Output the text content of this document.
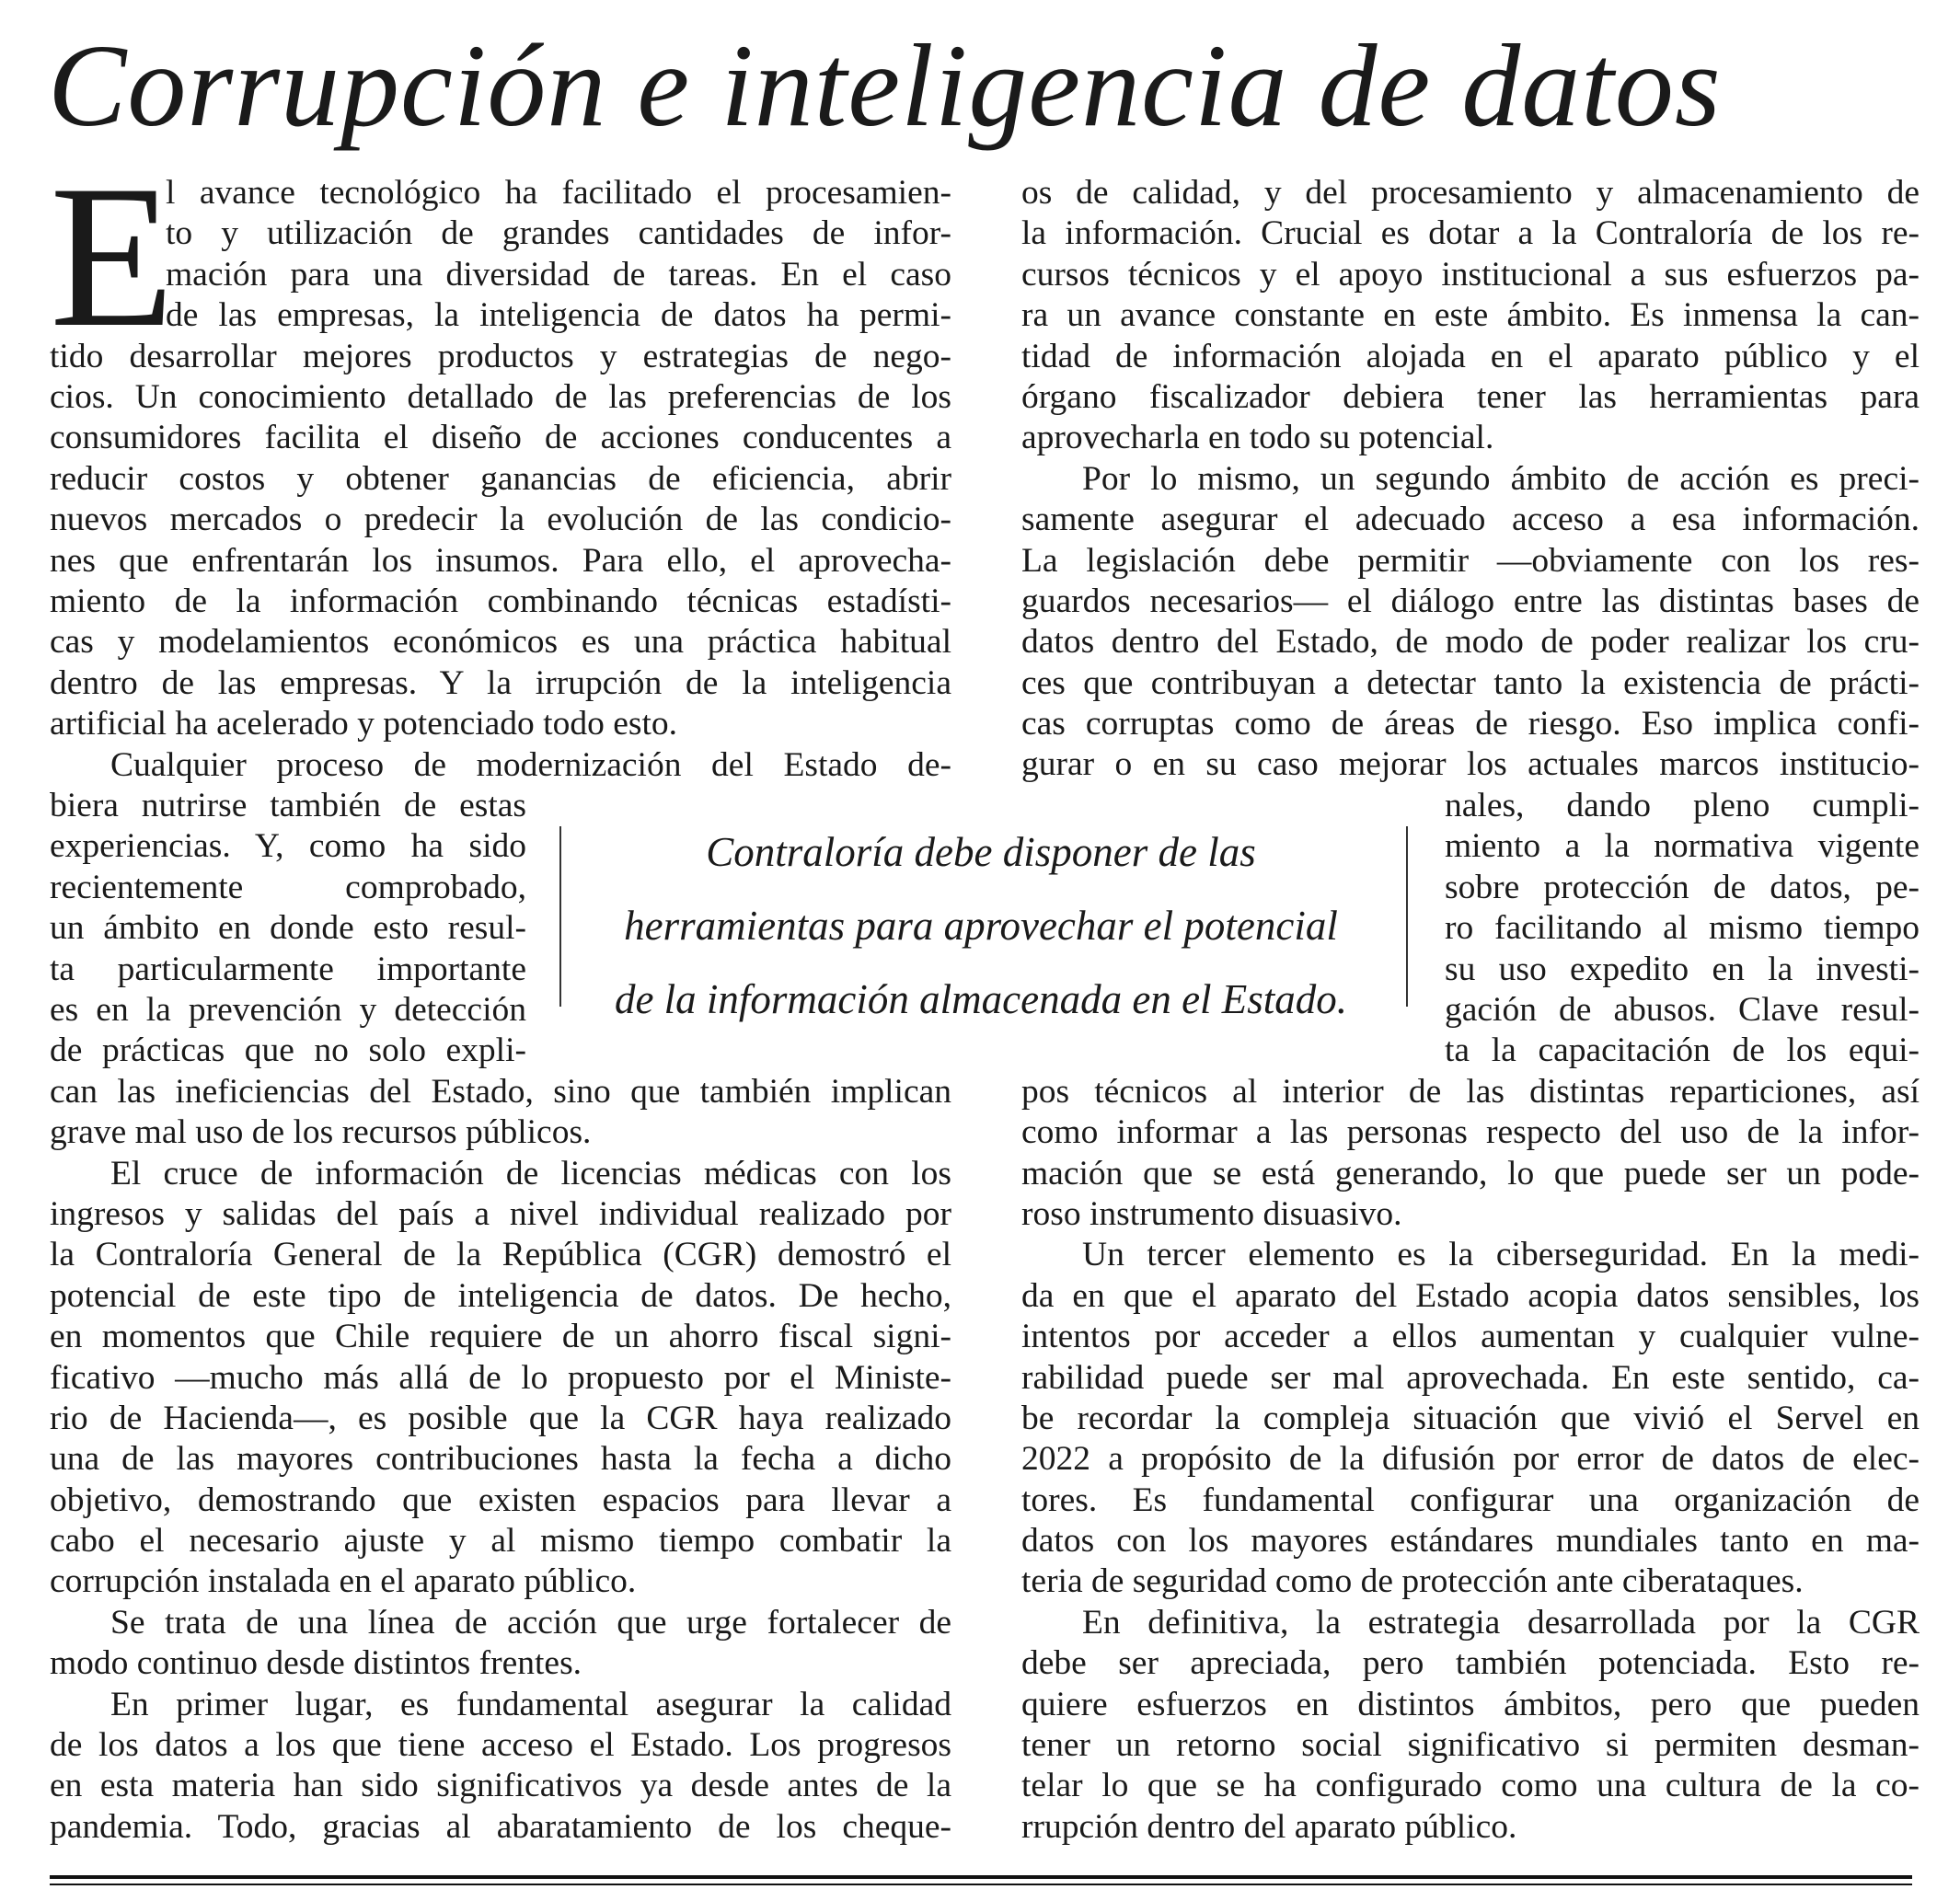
Corrupción e inteligencia de datos
E
l avance tecnológico ha facilitado el procesamien-
to y utilización de grandes cantidades de infor-
mación para una diversidad de tareas. En el caso
de las empresas, la inteligencia de datos ha permi-
tido desarrollar mejores productos y estrategias de nego-
cios. Un conocimiento detallado de las preferencias de los
consumidores facilita el diseño de acciones conducentes a
reducir costos y obtener ganancias de eficiencia, abrir
nuevos mercados o predecir la evolución de las condicio-
nes que enfrentarán los insumos. Para ello, el aprovecha-
miento de la información combinando técnicas estadísti-
cas y modelamientos económicos es una práctica habitual
dentro de las empresas. Y la irrupción de la inteligencia
artificial ha acelerado y potenciado todo esto.
Cualquier proceso de modernización del Estado de-
biera nutrirse también de estas
experiencias. Y, como ha sido
recientemente comprobado,
un ámbito en donde esto resul-
ta particularmente importante
es en la prevención y detección
de prácticas que no solo expli-
can las ineficiencias del Estado, sino que también implican
grave mal uso de los recursos públicos.
El cruce de información de licencias médicas con los
ingresos y salidas del país a nivel individual realizado por
la Contraloría General de la República (CGR) demostró el
potencial de este tipo de inteligencia de datos. De hecho,
en momentos que Chile requiere de un ahorro fiscal signi-
ficativo —mucho más allá de lo propuesto por el Ministe-
rio de Hacienda—, es posible que la CGR haya realizado
una de las mayores contribuciones hasta la fecha a dicho
objetivo, demostrando que existen espacios para llevar a
cabo el necesario ajuste y al mismo tiempo combatir la
corrupción instalada en el aparato público.
Se trata de una línea de acción que urge fortalecer de
modo continuo desde distintos frentes.
En primer lugar, es fundamental asegurar la calidad
de los datos a los que tiene acceso el Estado. Los progresos
en esta materia han sido significativos ya desde antes de la
pandemia. Todo, gracias al abaratamiento de los cheque-
os de calidad, y del procesamiento y almacenamiento de
la información. Crucial es dotar a la Contraloría de los re-
cursos técnicos y el apoyo institucional a sus esfuerzos pa-
ra un avance constante en este ámbito. Es inmensa la can-
tidad de información alojada en el aparato público y el
órgano fiscalizador debiera tener las herramientas para
aprovecharla en todo su potencial.
Por lo mismo, un segundo ámbito de acción es preci-
samente asegurar el adecuado acceso a esa información.
La legislación debe permitir —obviamente con los res-
guardos necesarios— el diálogo entre las distintas bases de
datos dentro del Estado, de modo de poder realizar los cru-
ces que contribuyan a detectar tanto la existencia de prácti-
cas corruptas como de áreas de riesgo. Eso implica confi-
gurar o en su caso mejorar los actuales marcos institucio-
nales, dando pleno cumpli-
miento a la normativa vigente
sobre protección de datos, pe-
ro facilitando al mismo tiempo
su uso expedito en la investi-
gación de abusos. Clave resul-
ta la capacitación de los equi-
pos técnicos al interior de las distintas reparticiones, así
como informar a las personas respecto del uso de la infor-
mación que se está generando, lo que puede ser un pode-
roso instrumento disuasivo.
Un tercer elemento es la ciberseguridad. En la medi-
da en que el aparato del Estado acopia datos sensibles, los
intentos por acceder a ellos aumentan y cualquier vulne-
rabilidad puede ser mal aprovechada. En este sentido, ca-
be recordar la compleja situación que vivió el Servel en
2022 a propósito de la difusión por error de datos de elec-
tores. Es fundamental configurar una organización de
datos con los mayores estándares mundiales tanto en ma-
teria de seguridad como de protección ante ciberataques.
En definitiva, la estrategia desarrollada por la CGR
debe ser apreciada, pero también potenciada. Esto re-
quiere esfuerzos en distintos ámbitos, pero que pueden
tener un retorno social significativo si permiten desman-
telar lo que se ha configurado como una cultura de la co-
rrupción dentro del aparato público.
Contraloría debe disponer de las
herramientas para aprovechar el potencial
de la información almacenada en el Estado.
